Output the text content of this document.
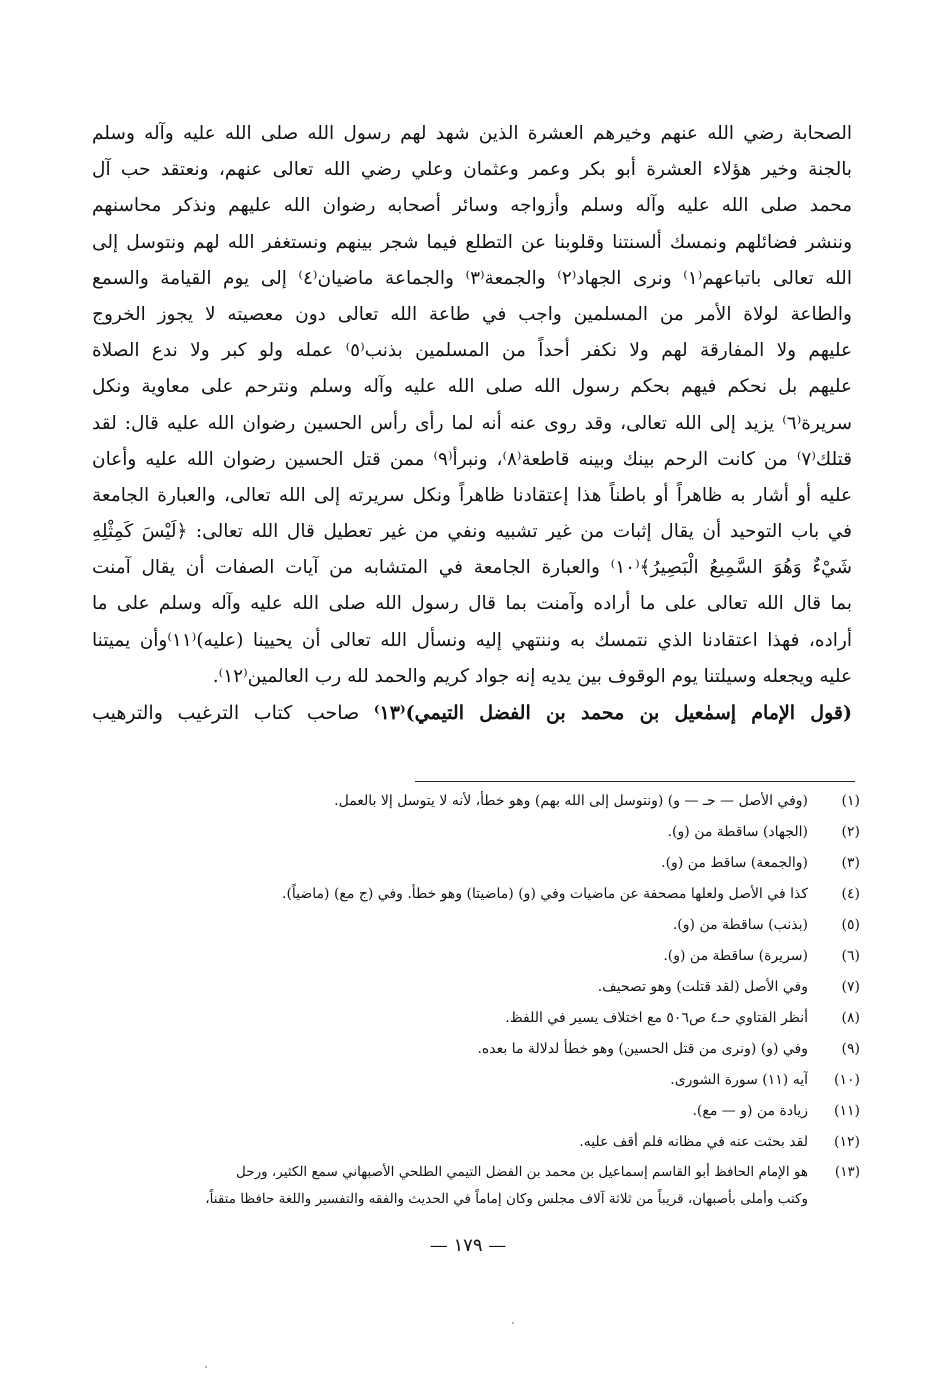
الصحابة رضي الله عنهم وخيرهم العشرة الذين شهد لهم رسول الله صلى الله عليه وآله وسلم
بالجنة وخير هؤلاء العشرة أبو بكر وعمر وعثمان وعلي رضي الله تعالى عنهم، ونعتقد حب آل
محمد صلى الله عليه وآله وسلم وأزواجه وسائر أصحابه رضوان الله عليهم ونذكر محاسنهم
وننشر فضائلهم ونمسك ألسنتنا وقلوبنا عن التطلع فيما شجر بينهم ونستغفر الله لهم ونتوسل إلى
الله تعالى باتباعهم⁽١⁾ ونرى الجهاد⁽٢⁾ والجمعة⁽٣⁾ والجماعة ماضيان⁽٤⁾ إلى يوم القيامة والسمع
والطاعة لولاة الأمر من المسلمين واجب في طاعة الله تعالى دون معصيته لا يجوز الخروج
عليهم ولا المفارقة لهم ولا نكفر أحداً من المسلمين بذنب⁽٥⁾ عمله ولو كبر ولا ندع الصلاة
عليهم بل نحكم فيهم بحكم رسول الله صلى الله عليه وآله وسلم ونترحم على معاوية ونكل
سريرة⁽٦⁾ يزيد إلى الله تعالى، وقد روى عنه أنه لما رأى رأس الحسين رضوان الله عليه قال: لقد
قتلك⁽٧⁾ من كانت الرحم بينك وبينه قاطعة⁽٨⁾، ونبرأ⁽٩⁾ ممن قتل الحسين رضوان الله عليه وأعان
عليه أو أشار به ظاهراً أو باطناً هذا إعتقادنا ظاهراً ونكل سريرته إلى الله تعالى، والعبارة الجامعة
في باب التوحيد أن يقال إثبات من غير تشبيه ونفي من غير تعطيل قال الله تعالى: ﴿لَيْسَ كَمِثْلِهِ
شَيْءٌ وَهُوَ السَّمِيعُ الْبَصِيرُ﴾⁽١٠⁾ والعبارة الجامعة في المتشابه من آيات الصفات أن يقال آمنت
بما قال الله تعالى على ما أراده وآمنت بما قال رسول الله صلى الله عليه وآله وسلم على ما
أراده، فهذا اعتقادنا الذي نتمسك به وننتهي إليه ونسأل الله تعالى أن يحيينا (عليه)⁽١١⁾وأن يميتنا
عليه ويجعله وسيلتنا يوم الوقوف بين يديه إنه جواد كريم والحمد لله رب العالمين⁽١٢⁾.
(قول الإمام إسمٰعيل بن محمد بن الفضل التيمي)⁽١٣⁾ صاحب كتاب الترغيب والترهيب
(١)
(وفي الأصل — حـ — و) (ونتوسل إلى الله بهم) وهو خطأ، لأنه لا يتوسل إلا بالعمل.
(٢)
(الجهاد) ساقطة من (و).
(٣)
(والجمعة) ساقط من (و).
(٤)
كذا في الأصل ولعلها مصحفة عن ماضيات وفي (و) (ماضيتا) وهو خطأ. وفي (ج مع) (ماضياً).
(٥)
(بذنب) ساقطة من (و).
(٦)
(سريرة) ساقطة من (و).
(٧)
وفي الأصل (لقد قتلت) وهو تصحيف.
(٨)
أنظر الفتاوي حـ٤ ص٥٠٦ مع اختلاف يسير في اللفظ.
(٩)
وفي (و) (ونرى من قتل الحسين) وهو خطأ لدلالة ما بعده.
(١٠)
آيه (١١) سورة الشورى.
(١١)
زيادة من (و — مع).
(١٢)
لقد بحثت عنه في مظانه فلم أقف عليه.
(١٣)
هو الإمام الحافظ أبو القاسم إسماعيل بن محمد بن الفضل التيمي الطلحي الأصبهاني سمع الكثير، ورحل
وكتب وأملى بأصبهان، قريباً من ثلاثة آلاف مجلس وكان إماماً في الحديث والفقه والتفسير واللغة حافظا متقناً،
— ١٧٩ —
